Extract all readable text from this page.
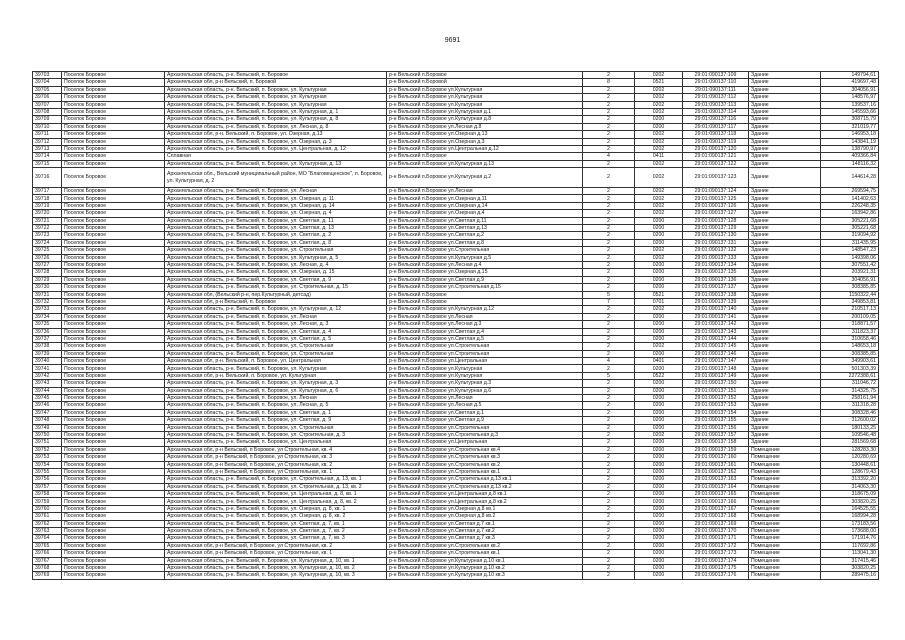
9691
39703	Поселок Боровое	Архангельская область, р-н. Вельский, п. Боровое	р-н Вельский п.Боровое	2	0202	29:01:090137:109	Здание	149794,61
39704	Поселок Боровое	Архангельская обл, р-н Вельский, п. Боровой	р-н Вельский п.Боровой	8	0521	29:01:090137:110	Здание	419697,48
39705	Поселок Боровое	Архангельская область, р-н. Вельский, п. Боровое, ул. Культурная	р-н Вельский п.Боровое ул.Культурная	2	0202	29:01:090137:111	Здание	304056,91
39706	Поселок Боровое	Архангельская область, р-н. Вельский, п. Боровое, ул. Культурная	р-н Вельский п.Боровое ул.Культурная	2	0202	29:01:090137:112	Здание	148576,97
39707	Поселок Боровое	Архангельская область, р-н. Вельский, п. Боровое, ул. Культурная	р-н Вельский п.Боровое ул.Культурная	2	0202	29:01:090137:113	Здание	139537,16
39708	Поселок Боровое	Архангельская область, р-н. Вельский, п. Боровое, ул. Культурная, д. 1	р-н Вельский п.Боровое ул.Культурная д.1	2	0202	29:01:090137:114	Здание	145593,66
39709	Поселок Боровое	Архангельская область, р-н. Вельский, п. Боровое, ул. Культурная, д. 8	р-н Вельский п.Боровое ул.Культурная д.8	2	0200	29:01:090137:116	Здание	308715,79
39710	Поселок Боровое	Архангельская область, р-н. Вельский, п. Боровое, ул. Лесная, д. 8	р-н Вельский п.Боровое ул.Лесная д.8	2	0200	29:01:090137:117	Здание	321019,77
39711	Поселок Боровое	Архангельская обл, р-н. Вельский, п. Боровое, ул. Озерная, д.13	р-н Вельский п.Боровое ул.Озерная д.13	2	0202	29:01:090137:118	Здание	146953,18
39712	Поселок Боровое	Архангельская область, р-н. Вельский, п. Боровое, ул. Озерная, д. 3	р-н Вельский п.Боровое ул.Озерная д.3	2	0202	29:01:090137:119	Здание	143841,19
39713	Поселок Боровое	Архангельская область, р-н. Вельский, п. Боровое, ул. Центральная, д. 12	р-н Вельский п.Боровое ул.Центральная д.12	2	0202	29:01:090137:120	Здание	138790,97
39714	Поселок Боровое	Сплавная	р-н Вельский п.Боровое	4	0411	29:01:090137:121	Здание	409366,84
39715	Поселок Боровое	Архангельская область, р-н. Вельский, п. Боровое, ул. Культурная, д. 13	р-н Вельский п.Боровое ул.Культурная д.13	2	0202	29:01:090137:122	Здание	148116,32
39716	Поселок Боровое	Архангельская обл., Вельский муниципальный район, МО "Благовещенское", п. Боровое, ул. Культурная, д. 2	р-н Вельский п.Боровое ул.Культурная д.2	2	0202	29:01:090137:123	Здание	144614,28
39717	Поселок Боровое	Архангельская область, р-н. Вельский, п. Боровое, ул. Лесная	р-н Вельский п.Боровое ул.Лесная	2	0202	29:01:090137:124	Здание	269594,75
39718	Поселок Боровое	Архангельская область, р-н. Вельский, п. Боровое, ул. Озерная, д. 11	р-н Вельский п.Боровое ул.Озерная д.11	2	0202	29:01:090137:125	Здание	141402,63
39719	Поселок Боровое	Архангельская область, р-н. Вельский, п. Боровое, ул. Озерная, д. 14	р-н Вельский п.Боровое ул.Озерная д.14	2	0202	29:01:090137:126	Здание	226248,35
39720	Поселок Боровое	Архангельская область, р-н. Вельский, п. Боровое, ул. Озерная, д. 4	р-н Вельский п.Боровое ул.Озерная д.4	2	0202	29:01:090137:127	Здание	163942,86
39721	Поселок Боровое	Архангельская область, р-н. Вельский, п. Боровое, ул. Светлая, д. 11	р-н Вельский п.Боровое ул.Светлая д.11	2	0200	29:01:090137:128	Здание	305221,68
39722	Поселок Боровое	Архангельская область, р-н. Вельский, п. Боровое, ул. Светлая, д. 13	р-н Вельский п.Боровое ул.Светлая д.13	2	0200	29:01:090137:129	Здание	305221,68
39723	Поселок Боровое	Архангельская область, р-н. Вельский, п. Боровое, ул. Светлая, д. 2	р-н Вельский п.Боровое ул.Светлая д.2	2	0200	29:01:090137:130	Здание	319094,92
39724	Поселок Боровое	Архангельская область, р-н. Вельский, п. Боровое, ул. Светлая, д. 8	р-н Вельский п.Боровое ул.Светлая д.8	2	0200	29:01:090137:131	Здание	311435,95
39725	Поселок Боровое	Архангельская область, р-н. Вельский, п. Боровое, ул. Строительная	р-н Вельский п.Боровое ул.Строительная	2	0202	29:01:090137:132	Здание	148547,23
39726	Поселок Боровое	Архангельская область, р-н. Вельский, п. Боровое, ул. Культурная, д. 5	р-н Вельский п.Боровое ул.Культурная д.5	2	0202	29:01:090137:133	Здание	149398,06
39727	Поселок Боровое	Архангельская область, р-н. Вельский, п. Боровое, ул. Лесная, д. 4	р-н Вельский п.Боровое ул.Лесная д.4	2	0200	29:01:090137:134	Здание	307551,42
39728	Поселок Боровое	Архангельская область, р-н. Вельский, п. Боровое, ул. Озерная, д. 15	р-н Вельский п.Боровое ул.Озерная д.15	2	0200	29:01:090137:135	Здание	203921,31
39729	Поселок Боровое	Архангельская область, р-н. Вельский, п. Боровое, ул. Светлая, д. 9	р-н Вельский п.Боровое ул.Светлая д.9	2	0200	29:01:090137:136	Здание	304056,91
39730	Поселок Боровое	Архангельская область, р-н. Вельский, п. Боровое, ул. Строительная, д. 15	р-н Вельский п.Боровое ул.Строительная д.15	2	0200	29:01:090137:137	Здание	308385,85
39731	Поселок Боровое	Архангельская обл, (Вельский р-н, пер.Культурный, детсад)	р-н Вельский п.Боровое	5	0521	29:01:090137:138	Здание	1150322,44
39732	Поселок Боровое	Архангельская обл, р-н Вельский, п. Боровое	р-н Вельский п.Боровое	7	0701	29:01:090137:139	Здание	349853,81
39733	Поселок Боровое	Архангельская область, р-н. Вельский, п. Боровое, ул. Культурная, д. 12	р-н Вельский п.Боровое ул.Культурная д.12	2	0202	29:01:090137:140	Здание	210517,13
39734	Поселок Боровое	Архангельская область, р-н. Вельский, п. Боровое, ул. Лесная	р-н Вельский п.Боровое ул.Лесная	2	0200	29:01:090137:141	Здание	200109,05
39735	Поселок Боровое	Архангельская область, р-н. Вельский, п. Боровое, ул. Лесная, д. 3	р-н Вельский п.Боровое ул.Лесная д.3	2	0200	29:01:090137:142	Здание	318871,57
39736	Поселок Боровое	Архангельская область, р-н. Вельский, п. Боровое, ул. Светлая, д. 4	р-н Вельский п.Боровое ул.Светлая д.4	2	0200	29:01:090137:143	Здание	311823,37
39737	Поселок Боровое	Архангельская область, р-н. Вельский, п. Боровое, ул. Светлая, д. 5	р-н Вельский п.Боровое ул.Светлая д.5	2	0200	29:01:090137:144	Здание	310658,46
39738	Поселок Боровое	Архангельская область, р-н. Вельский, п. Боровое, ул. Строительная	р-н Вельский п.Боровое ул.Строительная	2	0202	29:01:090137:145	Здание	148653,18
39739	Поселок Боровое	Архангельская область, р-н. Вельский, п. Боровое, ул. Строительная	р-н Вельский п.Боровое ул.Строительная	2	0200	29:01:090137:146	Здание	308385,85
39740	Поселок Боровое	Архангельская обл, р-н. Вельский, п. Боровое, ул. Центральная	р-н Вельский п.Боровое ул.Центральная	4	0401	29:01:090137:147	Здание	349903,61
39741	Поселок Боровое	Архангельская область, р-н. Вельский, п. Боровое, ул. Культурная	р-н Вельский п.Боровое ул.Культурная	2	0200	29:01:090137:148	Здание	501303,39
39742	Поселок Боровое	Архангельская обл, р-н. Вельский, п. Боровое, ул. Культурная	р-н Вельский п.Боровое ул.Культурная	5	0522	29:01:090137:149	Здание	2272388,61
39743	Поселок Боровое	Архангельская область, р-н. Вельский, п. Боровое, ул. Культурная, д. 3	р-н Вельский п.Боровое ул.Культурная д.3	2	0200	29:01:090137:150	Здание	311046,72
39744	Поселок Боровое	Архангельская область, р-н. Вельский, п. Боровое, ул. Культурная, д. 6	р-н Вельский п.Боровое ул.Культурная д.6	2	0200	29:01:090137:151	Здание	314325,75
39745	Поселок Боровое	Архангельская область, р-н. Вельский, п. Боровое, ул. Лесная	р-н Вельский п.Боровое ул.Лесная	2	0200	29:01:090137:152	Здание	258161,94
39746	Поселок Боровое	Архангельская область, р-н. Вельский, п. Боровое, ул. Лесная, д. 5	р-н Вельский п.Боровое ул.Лесная д.5	2	0200	29:01:090137:153	Здание	311318,28
39747	Поселок Боровое	Архангельская область, р-н. Вельский, п. Боровое, ул. Светлая, д. 1	р-н Вельский п.Боровое ул.Светлая д.1	2	0200	29:01:090137:154	Здание	308328,46
39748	Поселок Боровое	Архангельская область, р-н. Вельский, п. Боровое, ул. Светлая, д. 9	р-н Вельский п.Боровое ул.Светлая д.9	2	0200	29:01:090137:155	Здание	312600,02
39749	Поселок Боровое	Архангельская область, р-н. Вельский, п. Боровое, ул. Строительная	р-н Вельский п.Боровое ул.Строительная	2	0200	29:01:090137:156	Здание	180133,25
39750	Поселок Боровое	Архангельская область, р-н. Вельский, п. Боровое, ул. Строительная, д. 3	р-н Вельский п.Боровое ул.Строительная д.3	2	0202	29:01:090137:157	Здание	109546,48
39751	Поселок Боровое	Архангельская область, р-н. Вельский, п. Боровое, ул. Центральная	р-н Вельский п.Боровое ул.Центральная	2	0200	29:01:090137:158	Здание	281569,68
39752	Поселок Боровое	Архангельская обл, р-н Вельский, п Боровое, ул Строительная, кв. 4	р-н Вельский п.Боровое ул.Строительная кв.4	2	0200	29:01:090137:159	Помещение	128283,30
39753	Поселок Боровое	Архангельская обл, р-н Вельский, п Боровое, ул Строительная, кв. 3	р-н Вельский п.Боровое ул.Строительная кв.3	2	0200	29:01:090137:160	Помещение	120280,69
39754	Поселок Боровое	Архангельская обл, р-н Вельский, п Боровое, ул Строительная, кв. 2	р-н Вельский п.Боровое ул.Строительная кв.2	2	0200	29:01:090137:161	Помещение	130448,61
39755	Поселок Боровое	Архангельская обл, р-н Вельский, п Боровое, ул Строительная, кв. 1	р-н Вельский п.Боровое ул.Строительная кв.1	2	0200	29:01:090137:162	Помещение	128679,43
39756	Поселок Боровое	Архангельская область, р-н. Вельский, п. Боровое, ул. Строительная, д. 13, кв. 1	р-н Вельский п.Боровое ул.Строительная д.13 кв.1	2	0200	29:01:090137:163	Помещение	313392,20
39757	Поселок Боровое	Архангельская область, р-н. Вельский, п. Боровое, ул. Строительная, д. 13, кв. 2	р-н Вельский п.Боровое ул.Строительная д.13 кв.2	2	0200	29:01:090137:164	Помещение	314063,30
39758	Поселок Боровое	Архангельская область, р-н. Вельский, п. Боровое, ул. Центральная, д. 8, кв. 1	р-н Вельский п.Боровое ул.Центральная д.8 кв.1	2	0200	29:01:090137:165	Помещение	318675,09
39759	Поселок Боровое	Архангельская область, р-н. Вельский, п. Боровое, ул. Центральная, д. 8, кв. 2	р-н Вельский п.Боровое ул.Центральная д.8 кв.2	2	0200	29:01:090137:166	Помещение	303820,25
39760	Поселок Боровое	Архангельская область, р-н. Вельский, п. Боровое, ул. Озерная, д. 8, кв. 1	р-н Вельский п.Боровое ул.Озерная д.8 кв.1	2	0200	29:01:090137:167	Помещение	164525,55
39761	Поселок Боровое	Архангельская область, р-н. Вельский, п. Боровое, ул. Озерная, д. 8, кв. 2	р-н Вельский п.Боровое ул.Озерная д.8 кв.2	2	0200	29:01:090137:168	Помещение	168994,28
39762	Поселок Боровое	Архангельская область, р-н. Вельский, п. Боровое, ул. Светлая, д. 7, кв. 1	р-н Вельский п.Боровое ул.Светлая д.7 кв.1	2	0200	29:01:090137:169	Помещение	173183,56
39763	Поселок Боровое	Архангельская область, р-н. Вельский, п. Боровое, ул. Светлая, д. 7, кв. 2	р-н Вельский п.Боровое ул.Светлая д.7 кв.2	2	0200	29:01:090137:170	Помещение	173688,00
39764	Поселок Боровое	Архангельская область, р-н. Вельский, п. Боровое, ул. Светлая, д. 7, кв. 3	р-н Вельский п.Боровое ул.Светлая д.7 кв.3	2	0200	29:01:090137:171	Помещение	171914,76
39765	Поселок Боровое	Архангельская обл, р-н Вельский, п Боровое, ул Строительная, кв. 2	р-н Вельский п.Боровое ул.Строительная кв.2	2	0200	29:01:090137:172	Помещение	117692,86
39766	Поселок Боровое	Архангельская обл, р-н Вельский, п Боровое, ул Строительная, кв. 1	р-н Вельский п.Боровое ул.Строительная кв.1	2	0200	29:01:090137:173	Помещение	113041,30
39767	Поселок Боровое	Архангельская область, р-н. Вельский, п. Боровое, ул. Культурная, д. 10, кв. 1	р-н Вельский п.Боровое ул.Культурная д.10 кв.1	2	0200	29:01:090137:174	Помещение	317415,46
39768	Поселок Боровое	Архангельская область, р-н. Вельский, п. Боровое, ул. Культурная, д. 10, кв. 2	р-н Вельский п.Боровое ул.Культурная д.10 кв.2	2	0200	29:01:090137:175	Помещение	303820,25
39769	Поселок Боровое	Архангельская область, р-н. Вельский, п. Боровое, ул. Культурная, д. 10, кв. 3	р-н Вельский п.Боровое ул.Культурная д.10 кв.3	2	0200	29:01:090137:176	Помещение	289475,16
